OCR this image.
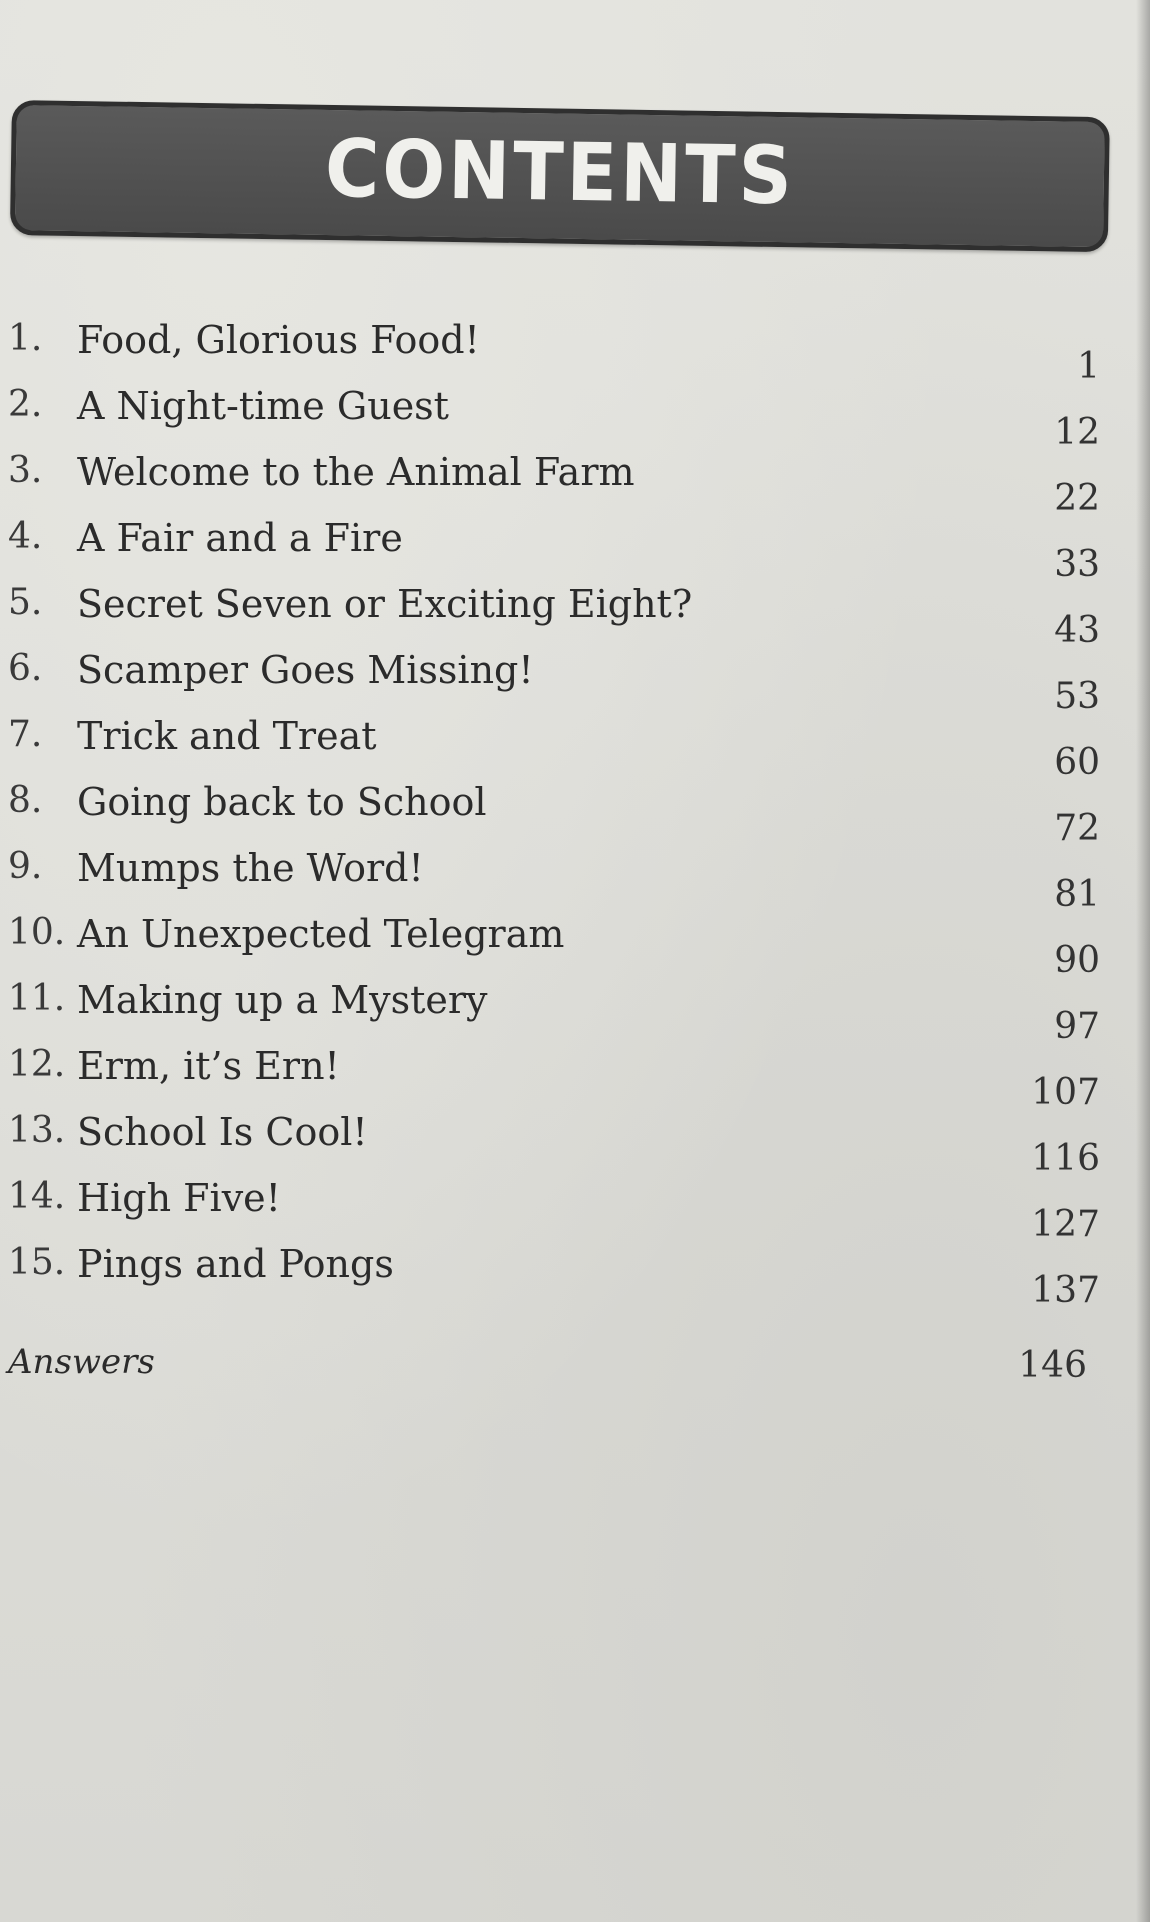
CONTENTS
1. Food, Glorious Food!
1
2. A Night-time Guest
12
3. Welcome to the Animal Farm
22
4. A Fair and a Fire
33
5. Secret Seven or Exciting Eight?
43
6. Scamper Goes Missing!
53
7. Trick and Treat
60
8. Going back to School
72
9. Mumps the Word!
81
10. An Unexpected Telegram
90
11. Making up a Mystery
97
12. Erm, it’s Ern!
107
13. School Is Cool!
116
14. High Five!
127
15. Pings and Pongs
137
Answers	146
